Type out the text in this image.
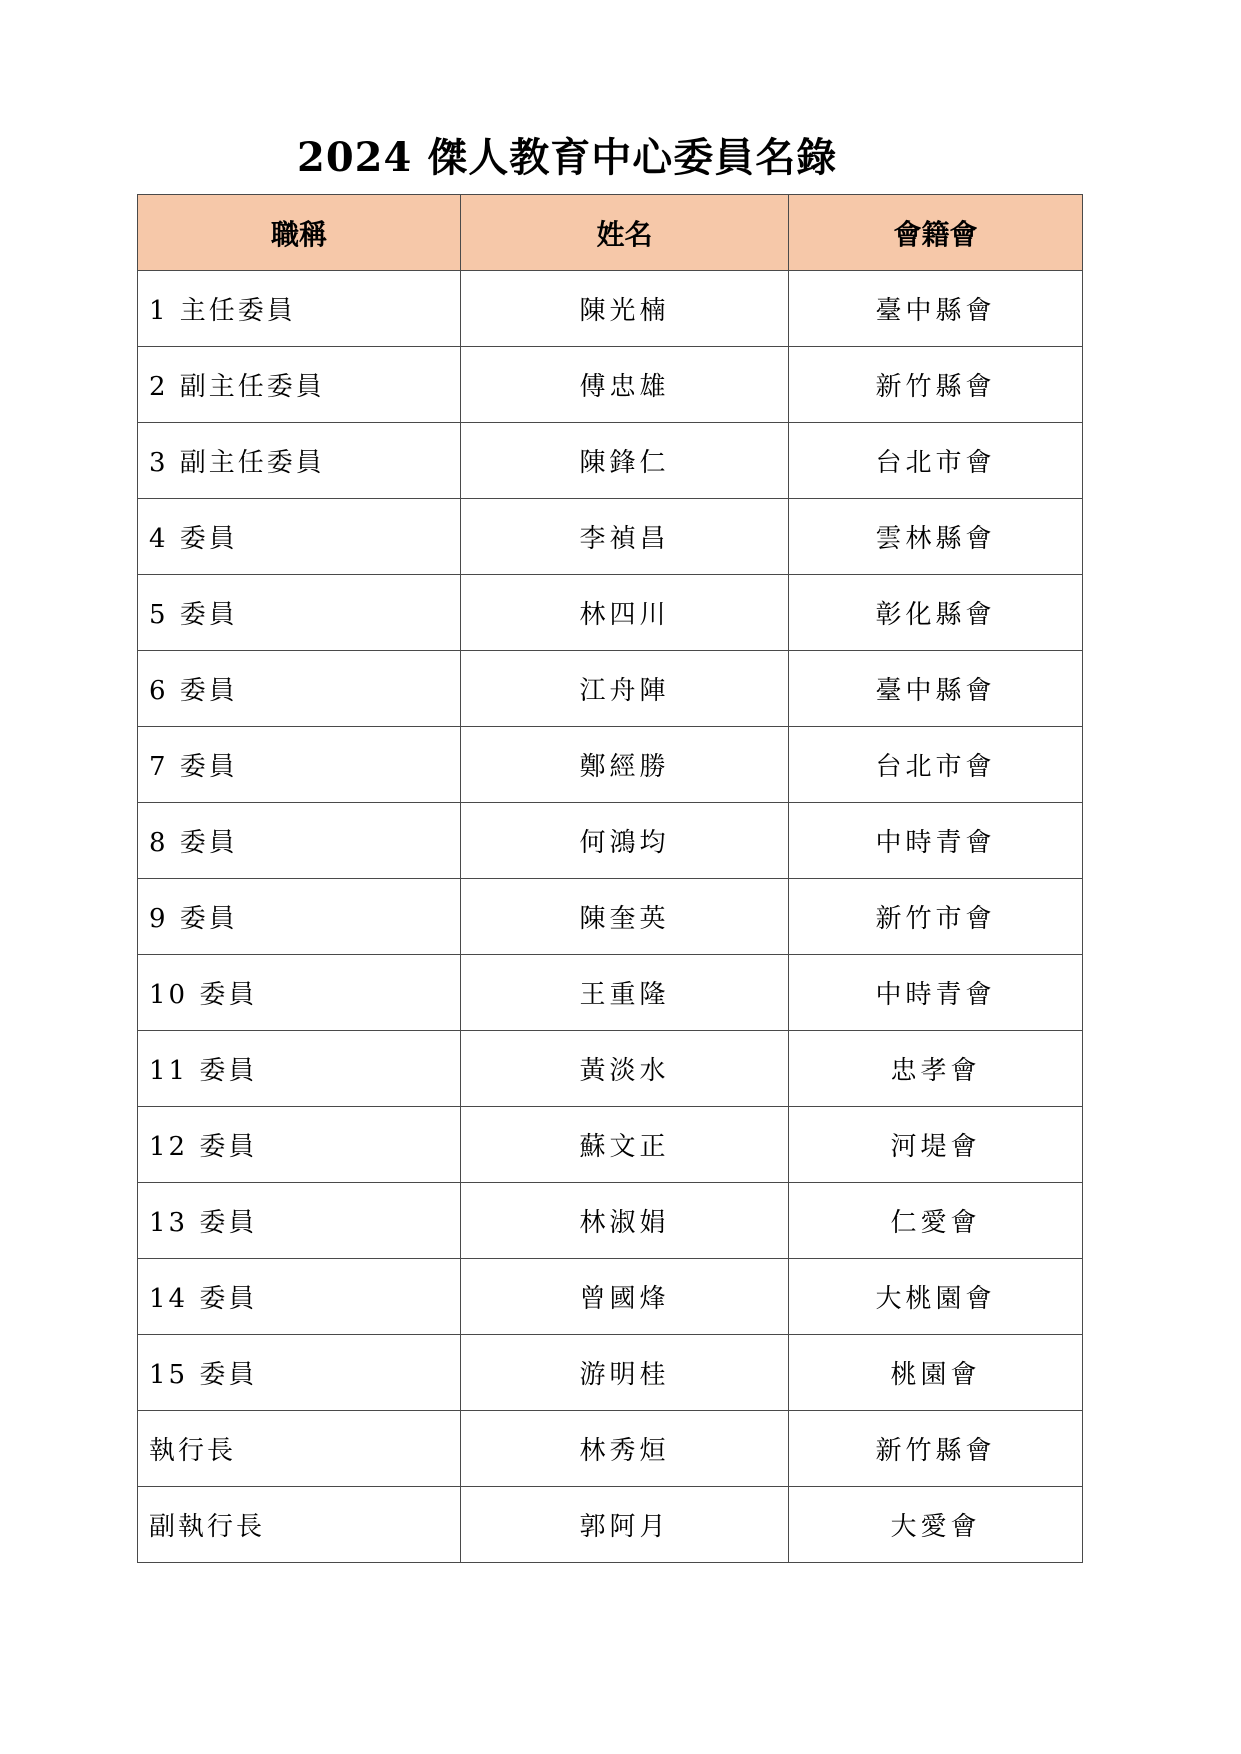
2024 傑人教育中心委員名錄
職稱	姓名	會籍會
1 主任委員	陳光楠	臺中縣會
2 副主任委員	傅忠雄	新竹縣會
3 副主任委員	陳鋒仁	台北市會
4 委員	李禎昌	雲林縣會
5 委員	林四川	彰化縣會
6 委員	江舟陣	臺中縣會
7 委員	鄭經勝	台北市會
8 委員	何鴻均	中時青會
9 委員	陳奎英	新竹市會
10 委員	王重隆	中時青會
11 委員	黃淡水	忠孝會
12 委員	蘇文正	河堤會
13 委員	林淑娟	仁愛會
14 委員	曾國烽	大桃園會
15 委員	游明桂	桃園會
執行長	林秀烜	新竹縣會
副執行長	郭阿月	大愛會
